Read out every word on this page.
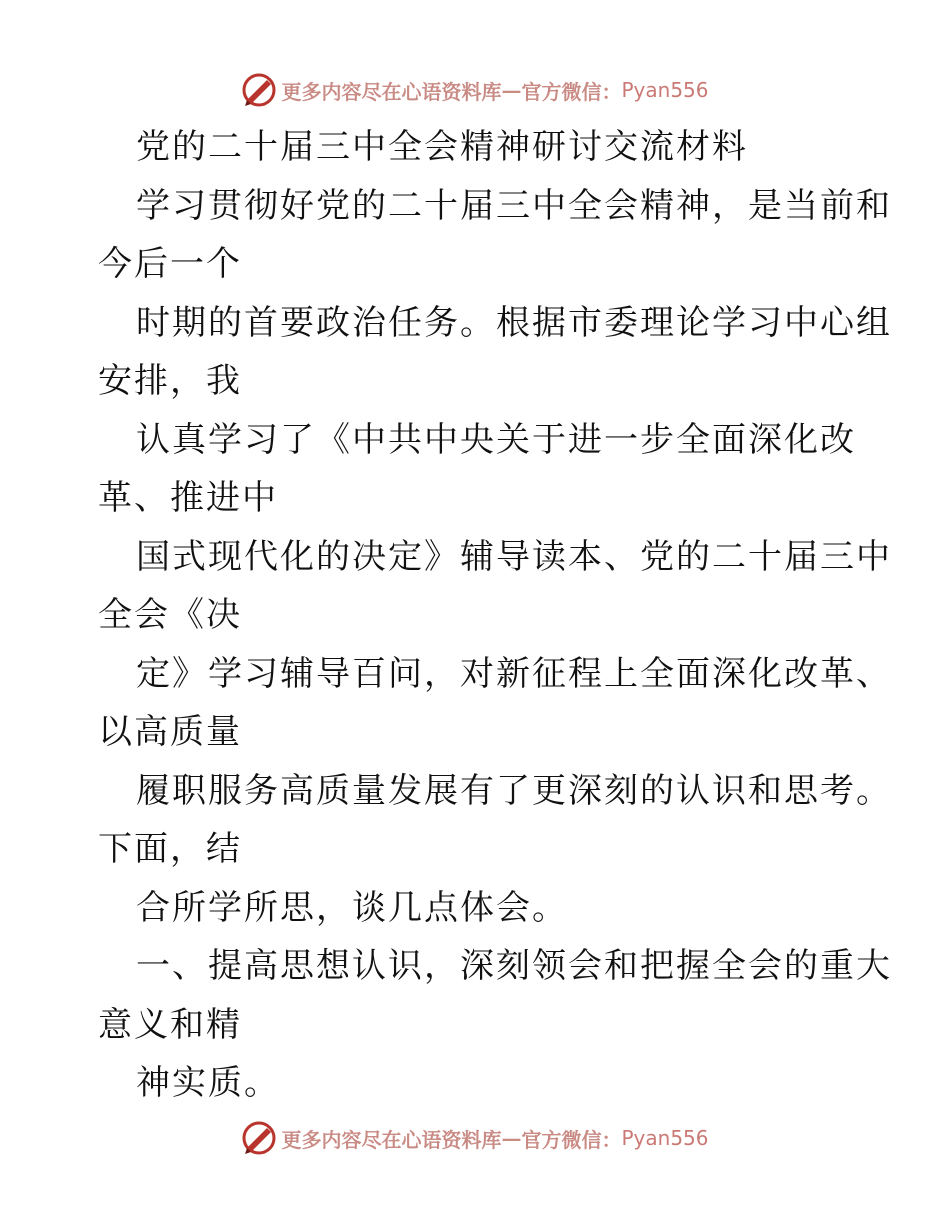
更多内容尽在心语资料库 — 官方微信： Pyan556
党的二十届三中全会精神研讨交流材料
学习贯彻好党的二十届三中全会精神，是当前和
今后一个
时期的首要政治任务。根据市委理论学习中心组
安排，我
认真学习了《中共中央关于进一步全面深化改
革、推进中
国式现代化的决定》辅导读本、党的二十届三中
全会《决
定》学习辅导百问，对新征程上全面深化改革、
以高质量
履职服务高质量发展有了更深刻的认识和思考。
下面，结
合所学所思，谈几点体会。
一、提高思想认识，深刻领会和把握全会的重大
意义和精
神实质。
更多内容尽在心语资料库 — 官方微信： Pyan556
